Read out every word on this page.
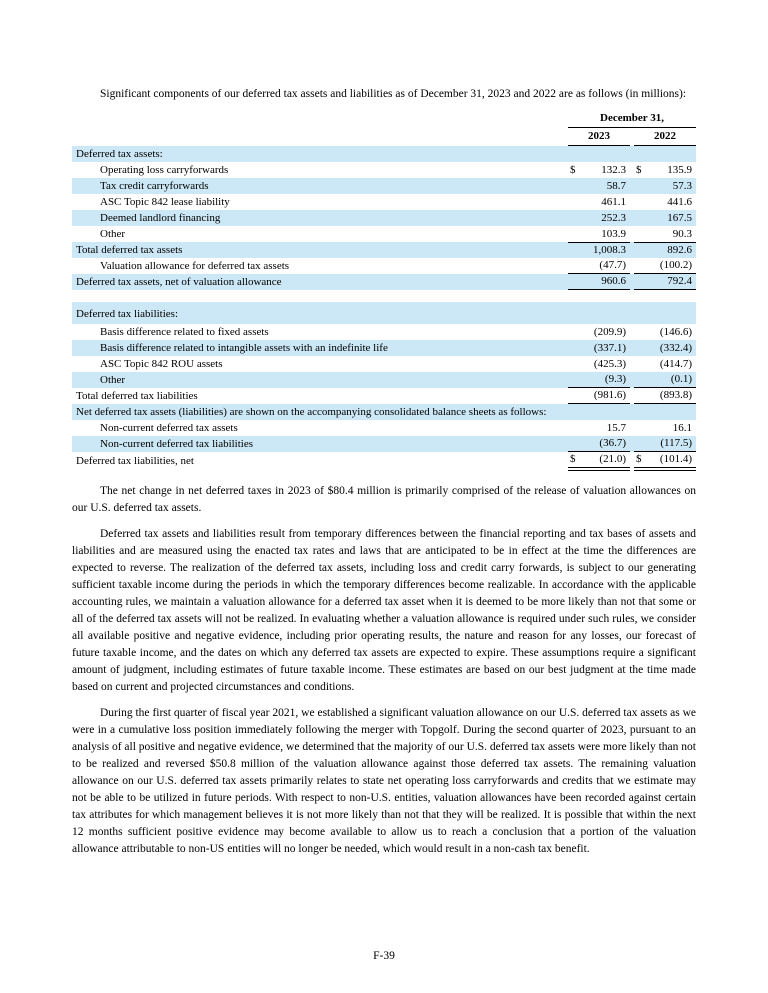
Significant components of our deferred tax assets and liabilities as of December 31, 2023 and 2022 are as follows (in millions):

December 31,
2023	2022
Deferred tax assets:
Operating loss carryforwards	$ 132.3 $ 135.9
Tax credit carryforwards	58.7	57.3
ASC Topic 842 lease liability	461.1	441.6
Deemed landlord financing	252.3	167.5
Other	103.9	90.3
Total deferred tax assets	1,008.3	892.6
Valuation allowance for deferred tax assets	(47.7)	(100.2)
Deferred tax assets, net of valuation allowance	960.6	792.4
Deferred tax liabilities:
Basis difference related to fixed assets	(209.9)	(146.6)
Basis difference related to intangible assets with an indefinite life	(337.1)	(332.4)
ASC Topic 842 ROU assets	(425.3)	(414.7)
Other	(9.3)	(0.1)
Total deferred tax liabilities	(981.6)	(893.8)
Net deferred tax assets (liabilities) are shown on the accompanying consolidated balance sheets as follows:
Non-current deferred tax assets	15.7	16.1
Non-current deferred tax liabilities	(36.7)	(117.5)
Deferred tax liabilities, net	$ (21.0) $ (101.4)

The net change in net deferred taxes in 2023 of $80.4 million is primarily comprised of the release of valuation allowances on our U.S. deferred tax assets.

Deferred tax assets and liabilities result from temporary differences between the financial reporting and tax bases of assets and liabilities and are measured using the enacted tax rates and laws that are anticipated to be in effect at the time the differences are expected to reverse. The realization of the deferred tax assets, including loss and credit carry forwards, is subject to our generating sufficient taxable income during the periods in which the temporary differences become realizable. In accordance with the applicable accounting rules, we maintain a valuation allowance for a deferred tax asset when it is deemed to be more likely than not that some or all of the deferred tax assets will not be realized. In evaluating whether a valuation allowance is required under such rules, we consider all available positive and negative evidence, including prior operating results, the nature and reason for any losses, our forecast of future taxable income, and the dates on which any deferred tax assets are expected to expire. These assumptions require a significant amount of judgment, including estimates of future taxable income. These estimates are based on our best judgment at the time made based on current and projected circumstances and conditions.

During the first quarter of fiscal year 2021, we established a significant valuation allowance on our U.S. deferred tax assets as we were in a cumulative loss position immediately following the merger with Topgolf. During the second quarter of 2023, pursuant to an analysis of all positive and negative evidence, we determined that the majority of our U.S. deferred tax assets were more likely than not to be realized and reversed $50.8 million of the valuation allowance against those deferred tax assets. The remaining valuation allowance on our U.S. deferred tax assets primarily relates to state net operating loss carryforwards and credits that we estimate may not be able to be utilized in future periods. With respect to non-U.S. entities, valuation allowances have been recorded against certain tax attributes for which management believes it is not more likely than not that they will be realized. It is possible that within the next 12 months sufficient positive evidence may become available to allow us to reach a conclusion that a portion of the valuation allowance attributable to non-US entities will no longer be needed, which would result in a non-cash tax benefit.

F-39
